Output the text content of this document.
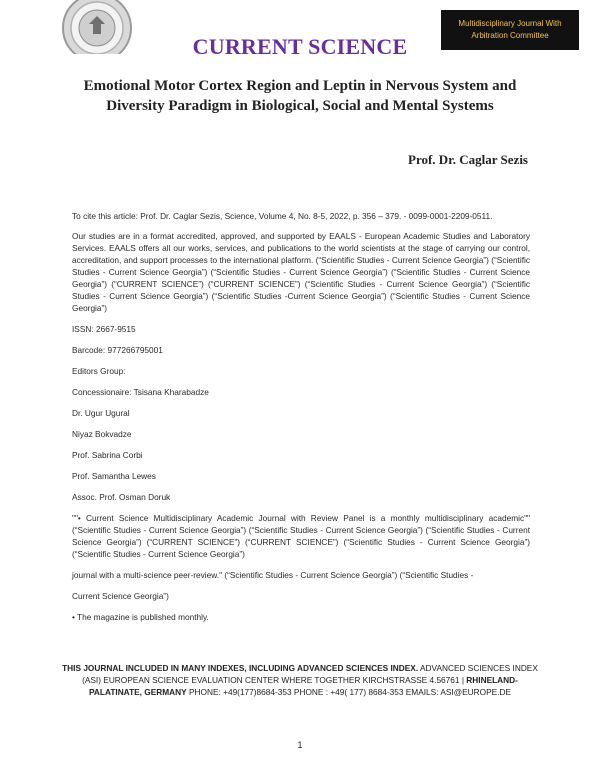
CURRENT SCIENCE
Multidisciplinary Journal With
Arbitration Committee
Emotional Motor Cortex Region and Leptin in Nervous System and
Diversity Paradigm in Biological, Social and Mental Systems
Prof. Dr. Caglar Sezis

To cite this article: Prof. Dr. Caglar Sezis, Science, Volume 4, No. 8-5, 2022, p. 356 – 379. - 0099-0001-2209-0511.

Our studies are in a format accredited, approved, and supported by EAALS - European Academic Studies and Laboratory Services. EAALS offers all our works, services, and publications to the world scientists at the stage of carrying our control, accreditation, and support processes to the international platform. (“Scientific Studies - Current Science Georgia”) (“Scientific Studies - Current Science Georgia”) (“Scientific Studies - Current Science Georgia”) (“Scientific Studies - Current Science Georgia”) (“CURRENT SCIENCE”) (“CURRENT SCIENCE”) (“Scientific Studies - Current Science Georgia”) (“Scientific Studies - Current Science Georgia”) (“Scientific Studies -Current Science Georgia”) (“Scientific Studies - Current Science Georgia”)

ISSN: 2667-9515

Barcode: 977266795001

Editors Group:

Concessionaire: Tsisana Kharabadze

Dr. Ugur Ugural

Niyaz Bokvadze

Prof. Sabrina Corbi

Prof. Samantha Lewes

Assoc. Prof. Osman Doruk

""• Current Science Multidisciplinary Academic Journal with Review Panel is a monthly multidisciplinary academic"" (“Scientific Studies - Current Science Georgia”) (“Scientific Studies - Current Science Georgia”) (“Scientific Studies - Current Science Georgia”) (“CURRENT SCIENCE”) (“CURRENT SCIENCE”) (“Scientific Studies - Current Science Georgia”) (“Scientific Studies - Current Science Georgia”)

journal with a multi-science peer-review." (“Scientific Studies - Current Science Georgia”) (“Scientific Studies -

Current Science Georgia”)

• The magazine is published monthly.

THIS JOURNAL INCLUDED IN MANY INDEXES, INCLUDING ADVANCED SCIENCES INDEX. ADVANCED SCIENCES INDEX (ASI) EUROPEAN SCIENCE EVALUATION CENTER WHERE TOGETHER KIRCHSTRASSE 4.56761 | RHINELAND-PALATINATE, GERMANY PHONE: +49(177)8684-353 PHONE : +49( 177) 8684-353 EMAILS: ASI@EUROPE.DE
1
